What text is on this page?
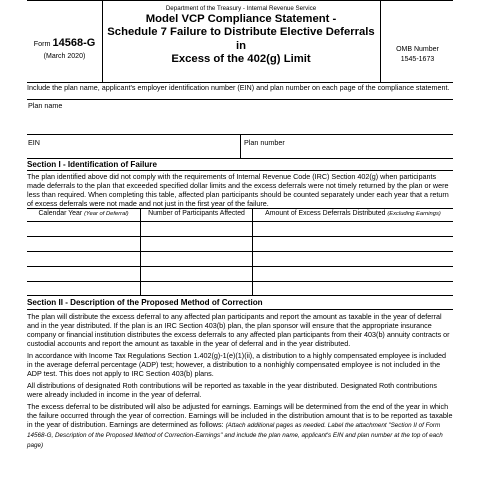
Form 14568-G
(March 2020)
Department of the Treasury - Internal Revenue Service
Model VCP Compliance Statement -
Schedule 7 Failure to Distribute Elective Deferrals in
Excess of the 402(g) Limit
OMB Number
1545-1673
Include the plan name, applicant's employer identification number (EIN) and plan number on each page of the compliance statement.
Plan name
EIN	Plan number
Section I - Identification of Failure
The plan identified above did not comply with the requirements of Internal Revenue Code (IRC) Section 402(g) when participants made deferrals to the plan that exceeded specified dollar limits and the excess deferrals were not timely returned by the plan or were less than required. When completing this table, affected plan participants should be counted separately under each year that a return of excess deferrals were not made and not just in the first year of the failure.
Calendar Year (Year of Deferral)	Number of Participants Affected	Amount of Excess Deferrals Distributed (Excluding Earnings)
Section II - Description of the Proposed Method of Correction
The plan will distribute the excess deferral to any affected plan participants and report the amount as taxable in the year of deferral and in the year distributed. If the plan is an IRC Section 403(b) plan, the plan sponsor will ensure that the appropriate insurance company or financial institution distributes the excess deferrals to any affected plan participants from their 403(b) annuity contracts or custodial accounts and report the amount as taxable in the year of deferral and in the year distributed.
In accordance with Income Tax Regulations Section 1.402(g)-1(e)(1)(ii), a distribution to a highly compensated employee is included in the average deferral percentage (ADP) test; however, a distribution to a nonhighly compensated employee is not included in the ADP test. This does not apply to IRC Section 403(b) plans.
All distributions of designated Roth contributions will be reported as taxable in the year distributed. Designated Roth contributions were already included in income in the year of deferral.
The excess deferral to be distributed will also be adjusted for earnings. Earnings will be determined from the end of the year in which the failure occurred through the year of correction. Earnings will be included in the distribution amount that is to be reported as taxable in the year of distribution. Earnings are determined as follows: (Attach additional pages as needed. Label the attachment "Section II of Form 14568-G, Description of the Proposed Method of Correction-Earnings" and include the plan name, applicant's EIN and plan number at the top of each page)
